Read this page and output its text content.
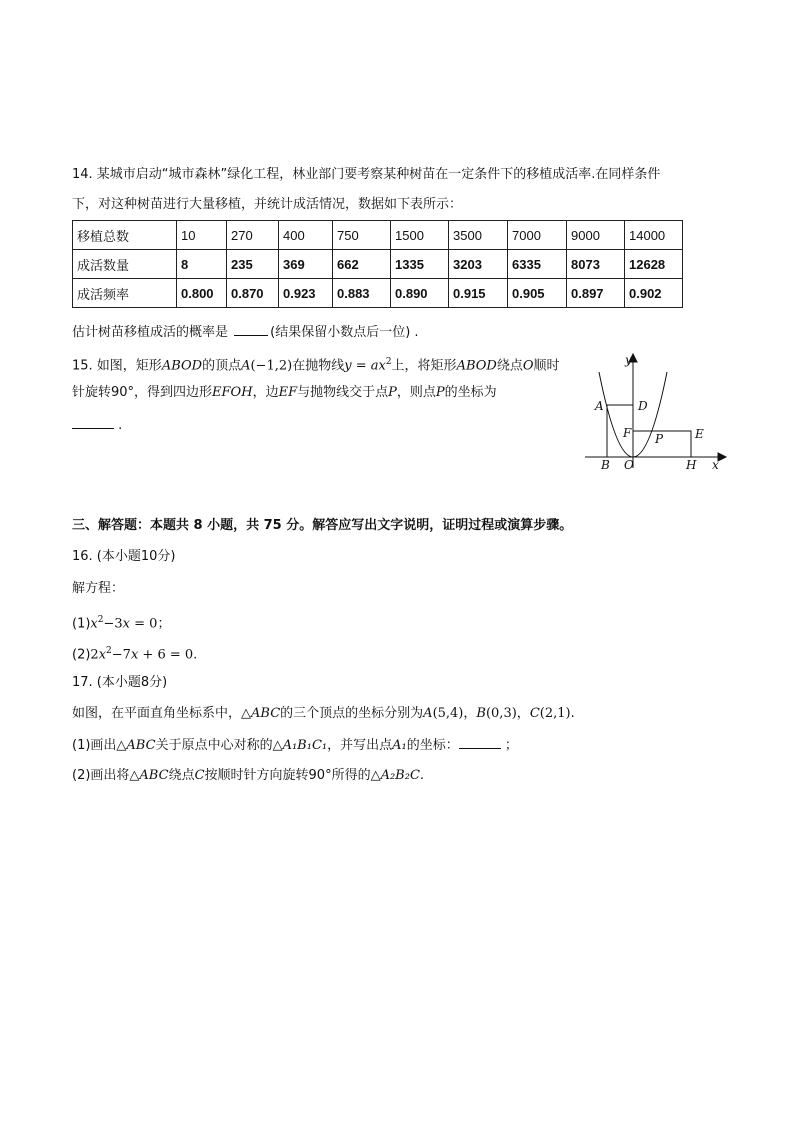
14. 某城市启动“城市森林”绿化工程，林业部门要考察某种树苗在一定条件下的移植成活率.在同样条件
下，对这种树苗进行大量移植，并统计成活情况，数据如下表所示：
移植总数	10	270	400	750	1500	3500	7000	9000	14000
成活数量	8	235	369	662	1335	3203	6335	8073	12628
成活频率	0.800	0.870	0.923	0.883	0.890	0.915	0.905	0.897	0.902
估计树苗移植成活的概率是	(结果保留小数点后一位) .
15. 如图，矩形ABOD的顶点A(−1,2)在抛物线$y = ax^2$上，将矩形ABOD绕点O顺时
针旋转90°，得到四边形EFOH，边EF与抛物线交于点P，则点P的坐标为
.
y
x
A	D
F P	E
B O	H
三、解答题：本题共 8 小题，共 75 分。解答应写出文字说明，证明过程或演算步骤。
16. (本小题10分)
解方程：
$(1)x^2-3x = 0$；
$(2)2x^2-7x + 6 = 0$.
17. (本小题8分)
如图，在平面直角坐标系中，△ABC的三个顶点的坐标分别为A(5,4)，B(0,3)，C(2,1).
(1)画出△ABC关于原点中心对称的△A₁B₁C₁，并写出点A₁的坐标：	；
(2)画出将△ABC绕点C按顺时针方向旋转90°所得的△A₂B₂C.
